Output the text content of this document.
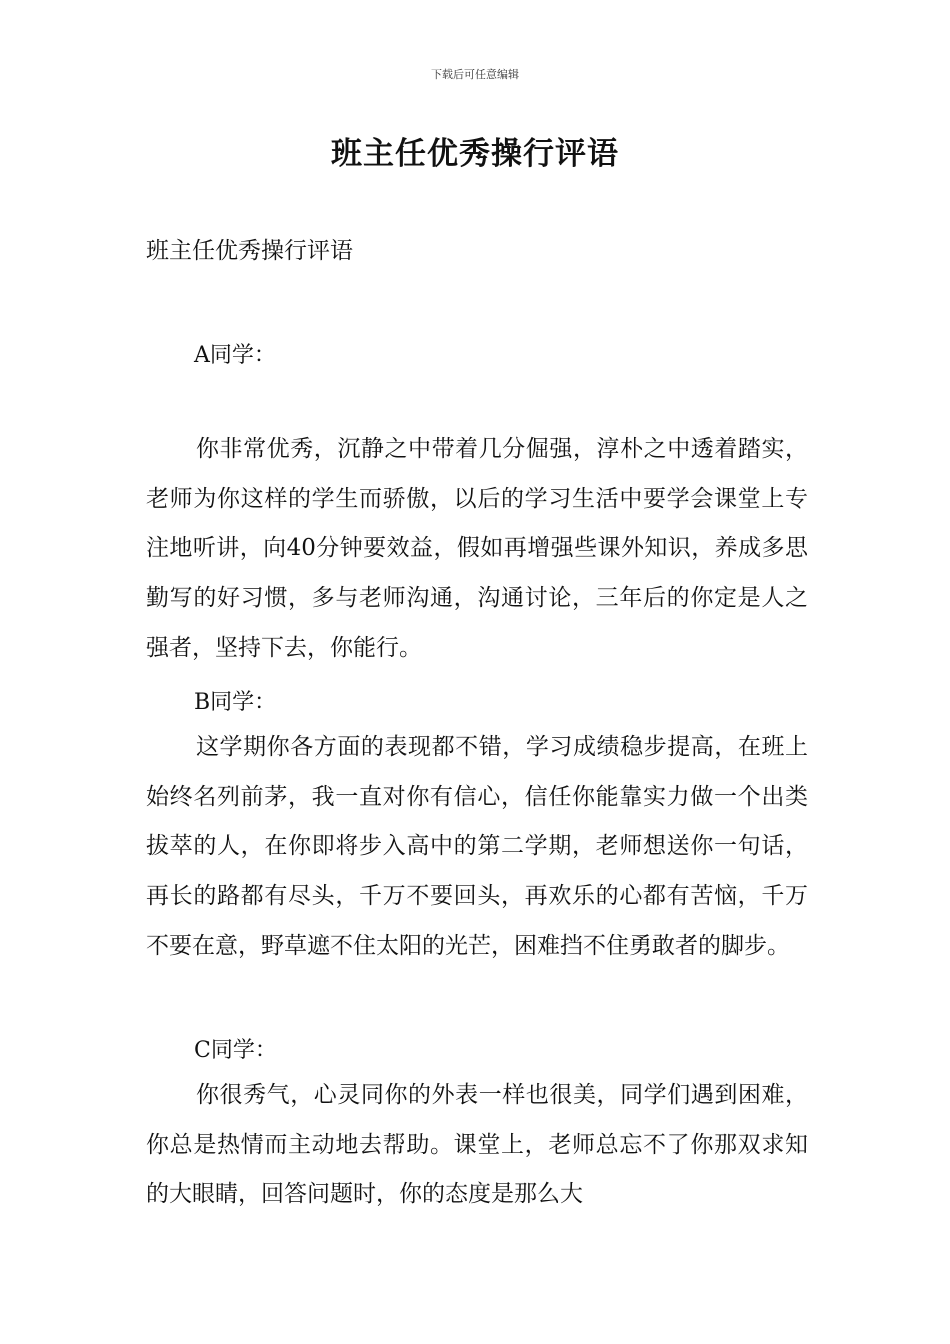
下载后可任意编辑
班主任优秀操行评语
班主任优秀操行评语
A同学：

你非常优秀，沉静之中带着几分倔强，淳朴之中透着踏实，老师为你这样的学生而骄傲，以后的学习生活中要学会课堂上专注地听讲，向40分钟要效益，假如再增强些课外知识，养成多思勤写的好习惯，多与老师沟通，沟通讨论，三年后的你定是人之强者，坚持下去，你能行。

B同学：

这学期你各方面的表现都不错，学习成绩稳步提高，在班上始终名列前茅，我一直对你有信心，信任你能靠实力做一个出类拔萃的人，在你即将步入高中的第二学期，老师想送你一句话，再长的路都有尽头，千万不要回头，再欢乐的心都有苦恼，千万不要在意，野草遮不住太阳的光芒，困难挡不住勇敢者的脚步。

C同学：

你很秀气，心灵同你的外表一样也很美，同学们遇到困难，你总是热情而主动地去帮助。课堂上，老师总忘不了你那双求知的大眼睛，回答问题时，你的态度是那么大
